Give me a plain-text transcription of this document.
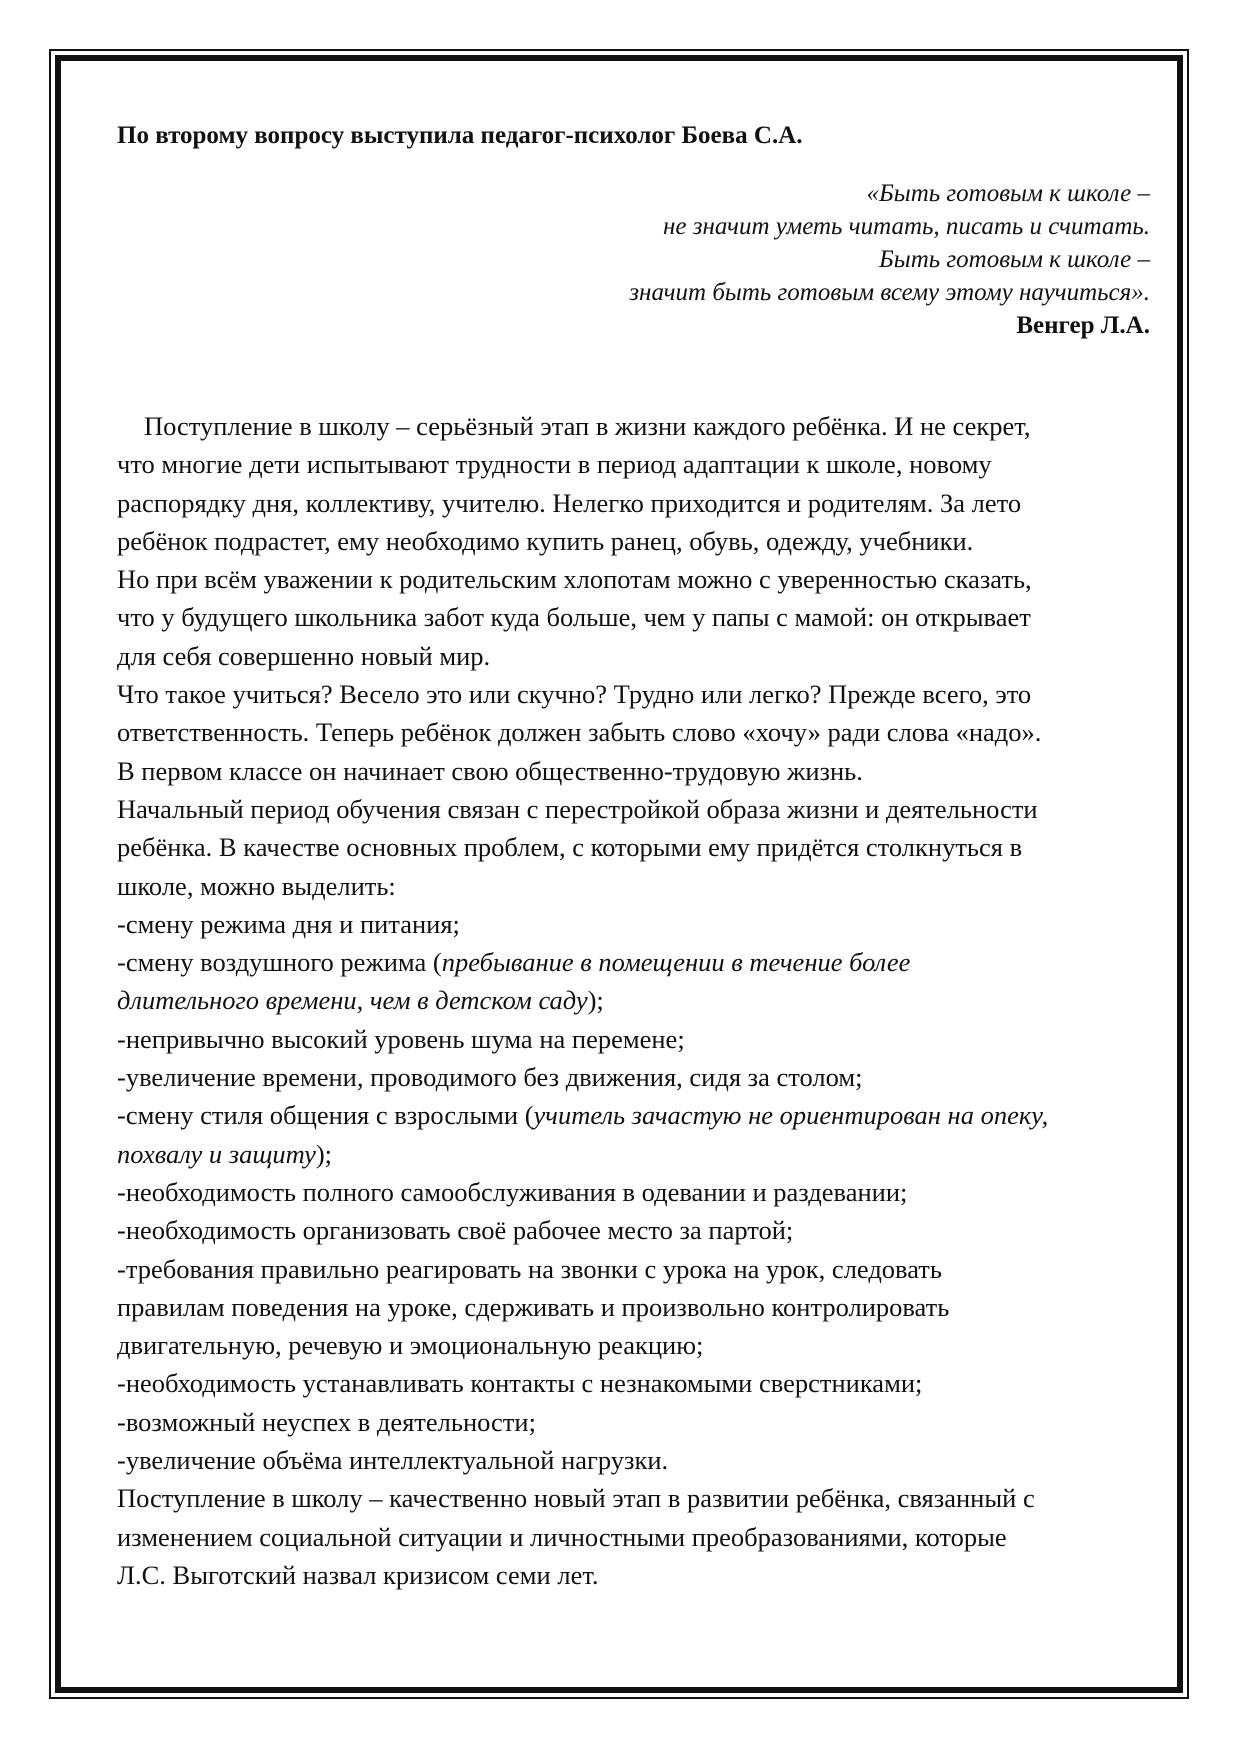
По второму вопросу выступила педагог-психолог Боева С.А.

«Быть готовым к школе –
не значит уметь читать, писать и считать.
Быть готовым к школе –
значит быть готовым всему этому научиться».
Венгер Л.А.
Поступление в школу – серьёзный этап в жизни каждого ребёнка. И не секрет,
что многие дети испытывают трудности в период адаптации к школе, новому
распорядку дня, коллективу, учителю. Нелегко приходится и родителям. За лето
ребёнок подрастет, ему необходимо купить ранец, обувь, одежду, учебники.
Но при всём уважении к родительским хлопотам можно с уверенностью сказать,
что у будущего школьника забот куда больше, чем у папы с мамой: он открывает
для себя совершенно новый мир.
Что такое учиться? Весело это или скучно? Трудно или легко? Прежде всего, это
ответственность. Теперь ребёнок должен забыть слово «хочу» ради слова «надо».
В первом классе он начинает свою общественно-трудовую жизнь.
Начальный период обучения связан с перестройкой образа жизни и деятельности
ребёнка. В качестве основных проблем, с которыми ему придётся столкнуться в
школе, можно выделить:
-смену режима дня и питания;
-смену воздушного режима (пребывание в помещении в течение более
длительного времени, чем в детском саду);
-непривычно высокий уровень шума на перемене;
-увеличение времени, проводимого без движения, сидя за столом;
-смену стиля общения с взрослыми (учитель зачастую не ориентирован на опеку,
похвалу и защиту);
-необходимость полного самообслуживания в одевании и раздевании;
-необходимость организовать своё рабочее место за партой;
-требования правильно реагировать на звонки с урока на урок, следовать
правилам поведения на уроке, сдерживать и произвольно контролировать
двигательную, речевую и эмоциональную реакцию;
-необходимость устанавливать контакты с незнакомыми сверстниками;
-возможный неуспех в деятельности;
-увеличение объёма интеллектуальной нагрузки.
Поступление в школу – качественно новый этап в развитии ребёнка, связанный с
изменением социальной ситуации и личностными преобразованиями, которые
Л.С. Выготский назвал кризисом семи лет.
